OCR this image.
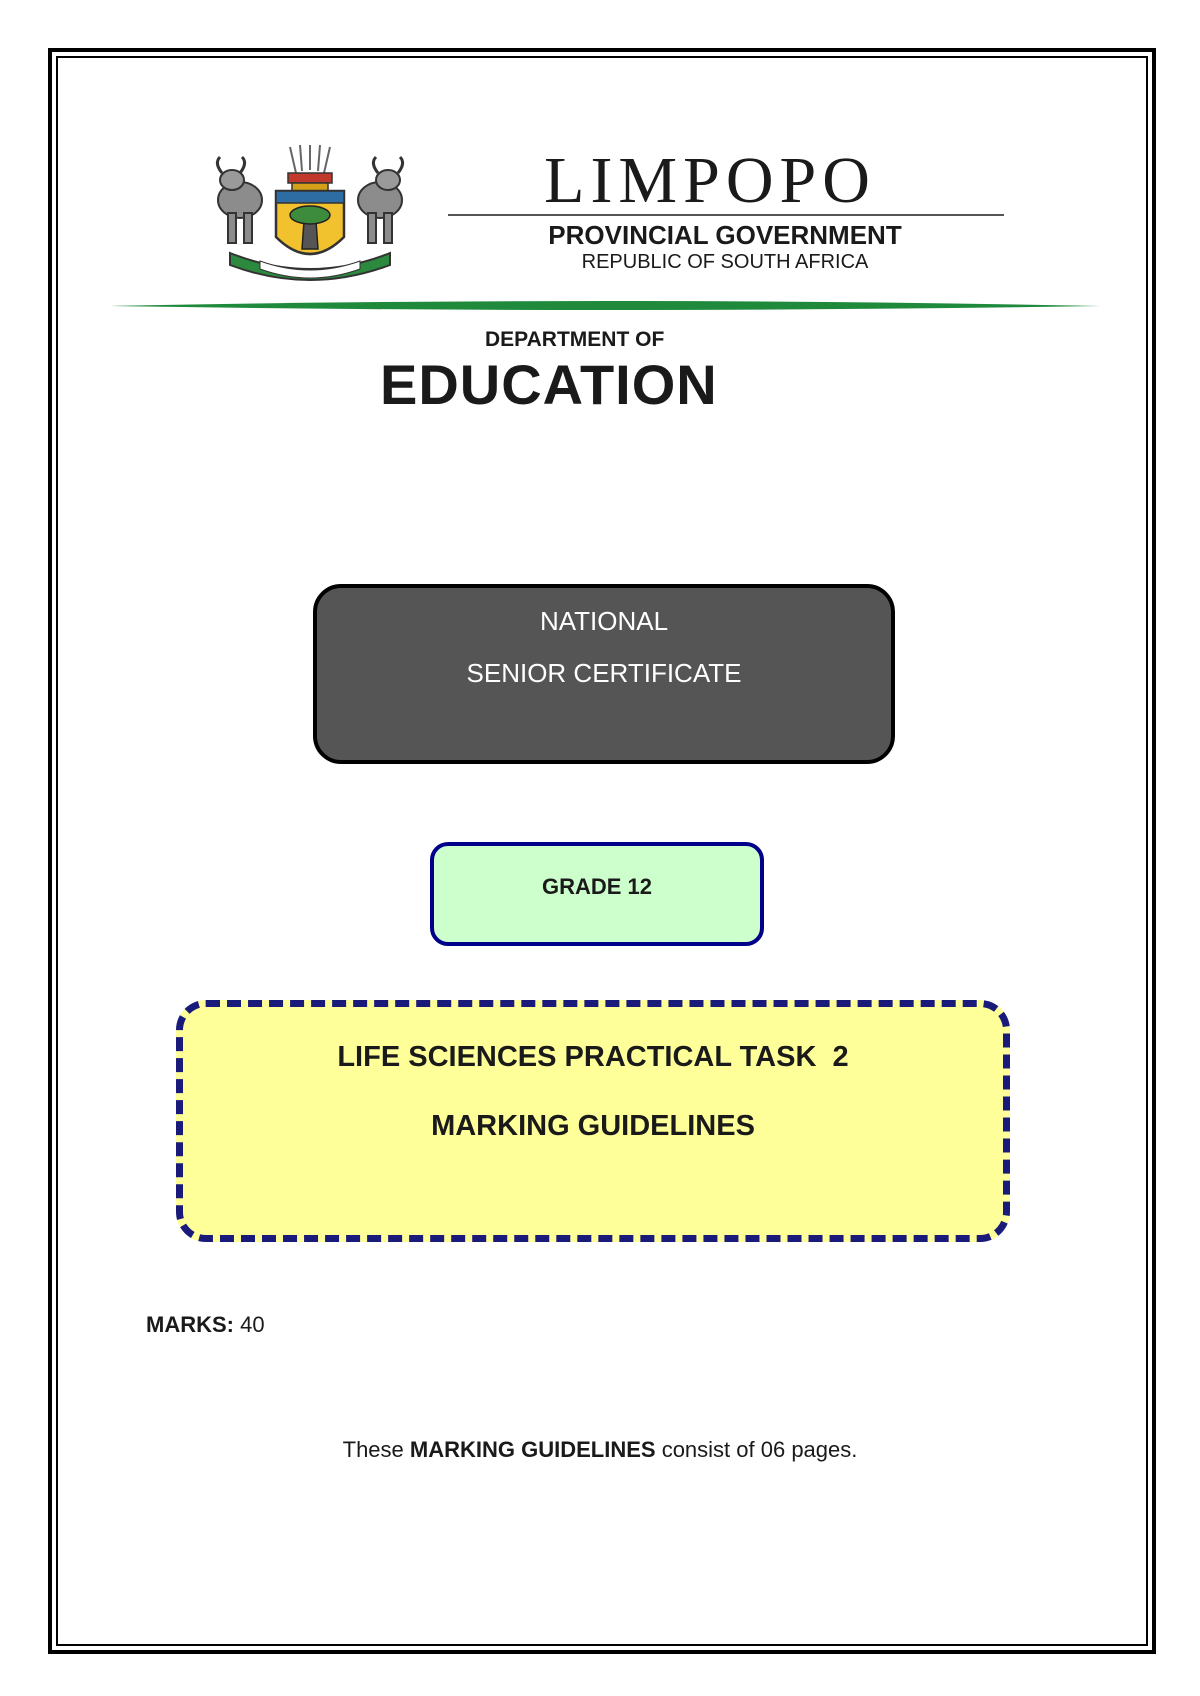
LIMPOPO
PROVINCIAL GOVERNMENT
REPUBLIC OF SOUTH AFRICA
DEPARTMENT OF
EDUCATION
NATIONAL
SENIOR CERTIFICATE
GRADE 12
LIFE SCIENCES PRACTICAL TASK  2
MARKING GUIDELINES
MARKS: 40
These MARKING GUIDELINES consist of 06 pages.
